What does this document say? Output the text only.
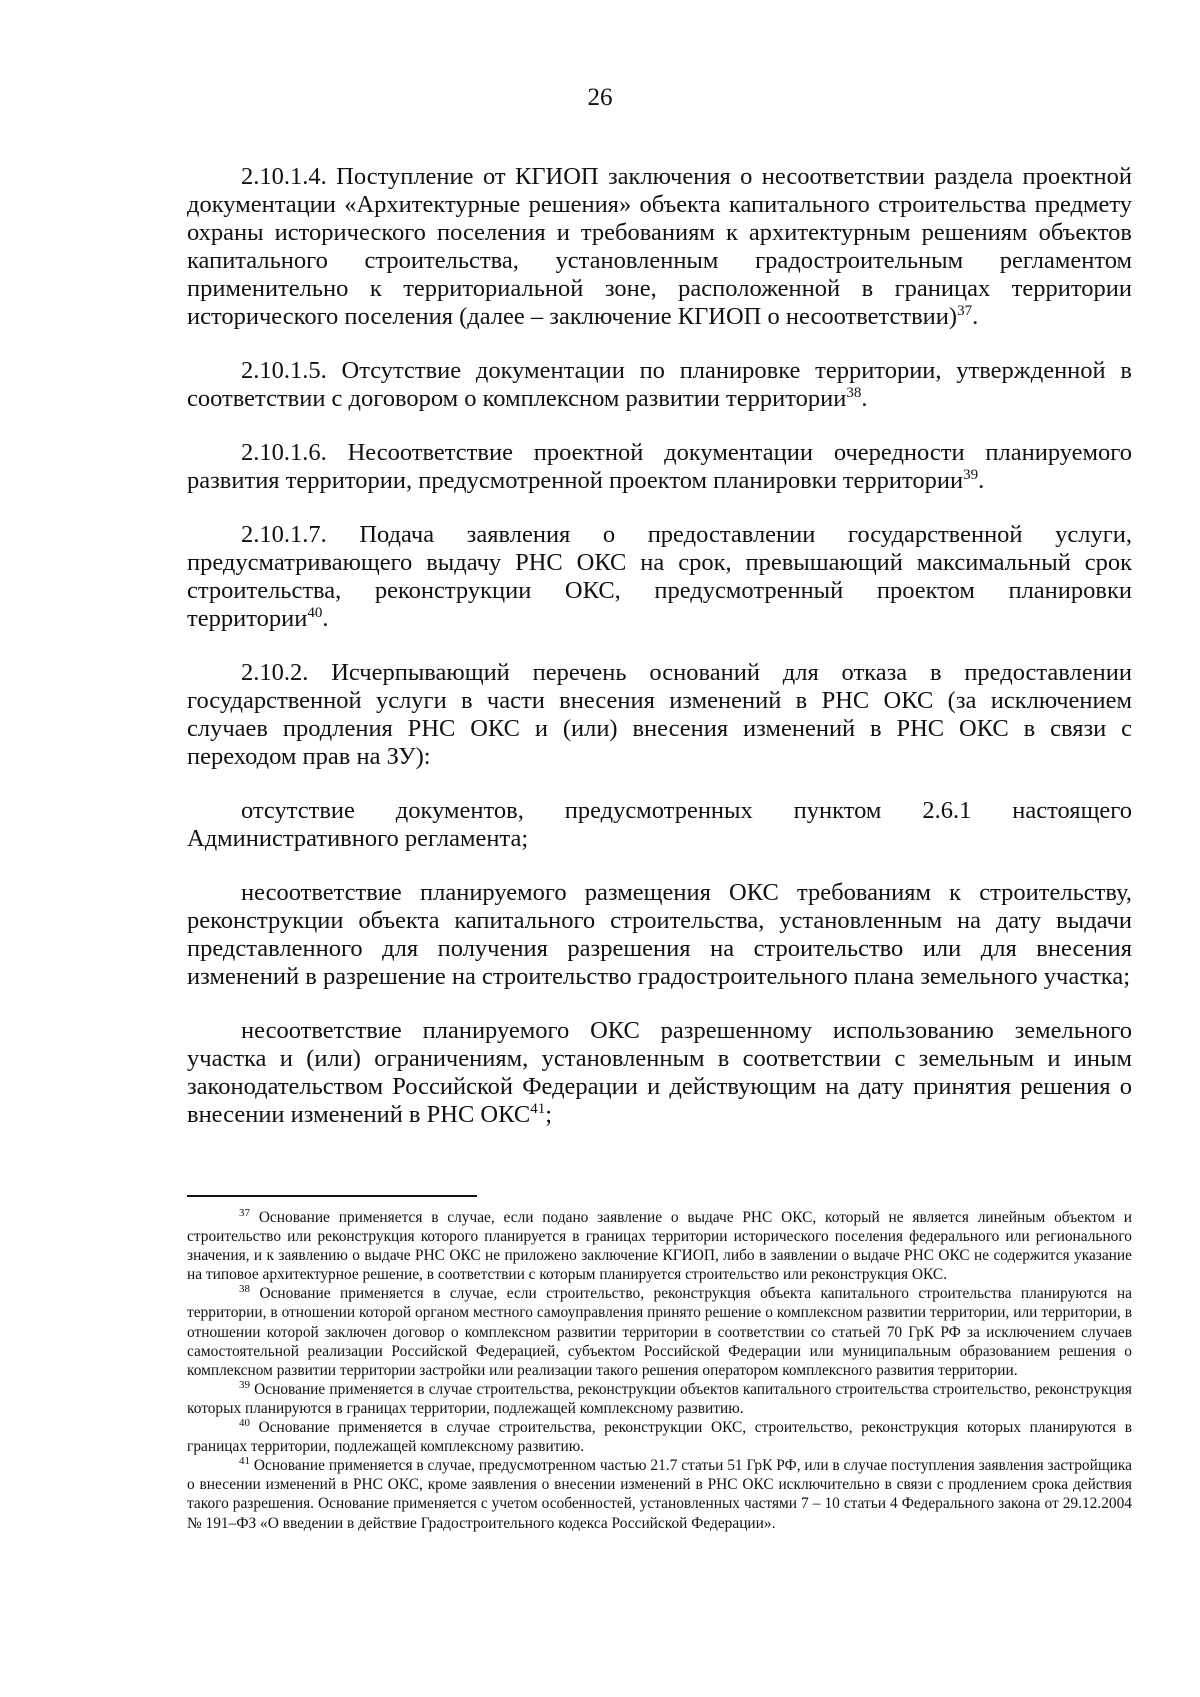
26

2.10.1.4. Поступление от КГИОП заключения о несоответствии раздела проектной документации «Архитектурные решения» объекта капитального строительства предмету охраны исторического поселения и требованиям к архитектурным решениям объектов капитального строительства, установленным градостроительным регламентом применительно к территориальной зоне, расположенной в границах территории исторического поселения (далее – заключение КГИОП о несоответствии)$^{37}$.

2.10.1.5. Отсутствие документации по планировке территории, утвержденной в соответствии с договором о комплексном развитии территории$^{38}$.

2.10.1.6. Несоответствие проектной документации очередности планируемого развития территории, предусмотренной проектом планировки территории$^{39}$.

2.10.1.7. Подача заявления о предоставлении государственной услуги, предусматривающего выдачу РНС ОКС на срок, превышающий максимальный срок строительства, реконструкции ОКС, предусмотренный проектом планировки территории$^{40}$.

2.10.2. Исчерпывающий перечень оснований для отказа в предоставлении государственной услуги в части внесения изменений в РНС ОКС (за исключением случаев продления РНС ОКС и (или) внесения изменений в РНС ОКС в связи с переходом прав на ЗУ):

отсутствие документов, предусмотренных пунктом 2.6.1 настоящего Административного регламента;

несоответствие планируемого размещения ОКС требованиям к строительству, реконструкции объекта капитального строительства, установленным на дату выдачи представленного для получения разрешения на строительство или для внесения изменений в разрешение на строительство градостроительного плана земельного участка;

несоответствие планируемого ОКС разрешенному использованию земельного участка и (или) ограничениям, установленным в соответствии с земельным и иным законодательством Российской Федерации и действующим на дату принятия решения о внесении изменений в РНС ОКС$^{41}$;

$^{37}$ Основание применяется в случае, если подано заявление о выдаче РНС ОКС, который не является линейным объектом и строительство или реконструкция которого планируется в границах территории исторического поселения федерального или регионального значения, и к заявлению о выдаче РНС ОКС не приложено заключение КГИОП, либо в заявлении о выдаче РНС ОКС не содержится указание на типовое архитектурное решение, в соответствии с которым планируется строительство или реконструкция ОКС.

$^{38}$ Основание применяется в случае, если строительство, реконструкция объекта капитального строительства планируются на территории, в отношении которой органом местного самоуправления принято решение о комплексном развитии территории, или территории, в отношении которой заключен договор о комплексном развитии территории в соответствии со статьей 70 ГрК РФ за исключением случаев самостоятельной реализации Российской Федерацией, субъектом Российской Федерации или муниципальным образованием решения о комплексном развитии территории застройки или реализации такого решения оператором комплексного развития территории.

$^{39}$ Основание применяется в случае строительства, реконструкции объектов капитального строительства строительство, реконструкция которых планируются в границах территории, подлежащей комплексному развитию.

$^{40}$ Основание применяется в случае строительства, реконструкции ОКС, строительство, реконструкция которых планируются в границах территории, подлежащей комплексному развитию.

$^{41}$ Основание применяется в случае, предусмотренном частью 21.7 статьи 51 ГрК РФ, или в случае поступления заявления застройщика о внесении изменений в РНС ОКС, кроме заявления о внесении изменений в РНС ОКС исключительно в связи с продлением срока действия такого разрешения. Основание применяется с учетом особенностей, установленных частями 7 – 10 статьи 4 Федерального закона от 29.12.2004 № 191–ФЗ «О введении в действие Градостроительного кодекса Российской Федерации».
